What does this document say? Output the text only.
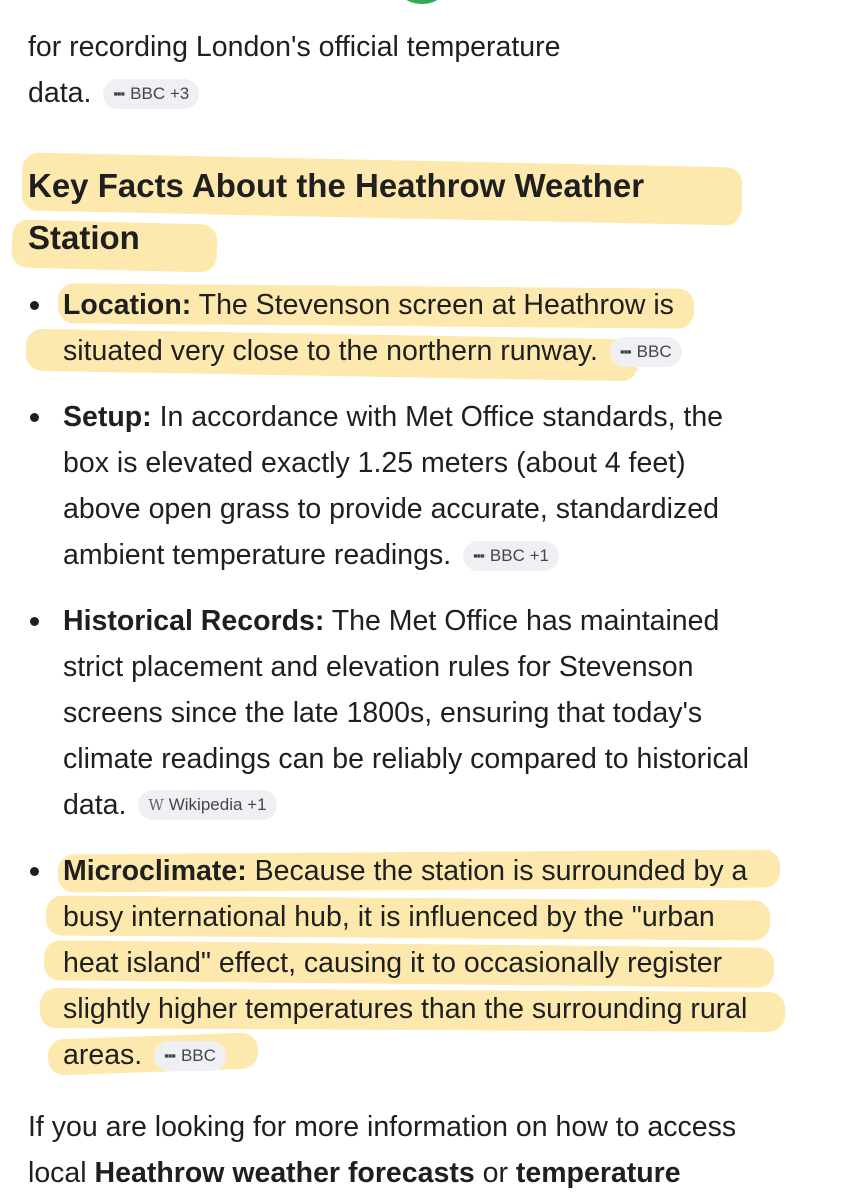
for recording London's official temperature
data. ▪▪▪ BBC +3
Key Facts About the Heathrow Weather
Station
Location: The Stevenson screen at Heathrow is
situated very close to the northern runway. ▪▪▪ BBC
Setup: In accordance with Met Office standards, the
box is elevated exactly 1.25 meters (about 4 feet)
above open grass to provide accurate, standardized
ambient temperature readings. ▪▪▪ BBC +1
Historical Records: The Met Office has maintained
strict placement and elevation rules for Stevenson
screens since the late 1800s, ensuring that today's
climate readings can be reliably compared to historical
data. W Wikipedia +1
Microclimate: Because the station is surrounded by a
busy international hub, it is influenced by the "urban
heat island" effect, causing it to occasionally register
slightly higher temperatures than the surrounding rural
areas. ▪▪▪ BBC
If you are looking for more information on how to access
local Heathrow weather forecasts or temperature
